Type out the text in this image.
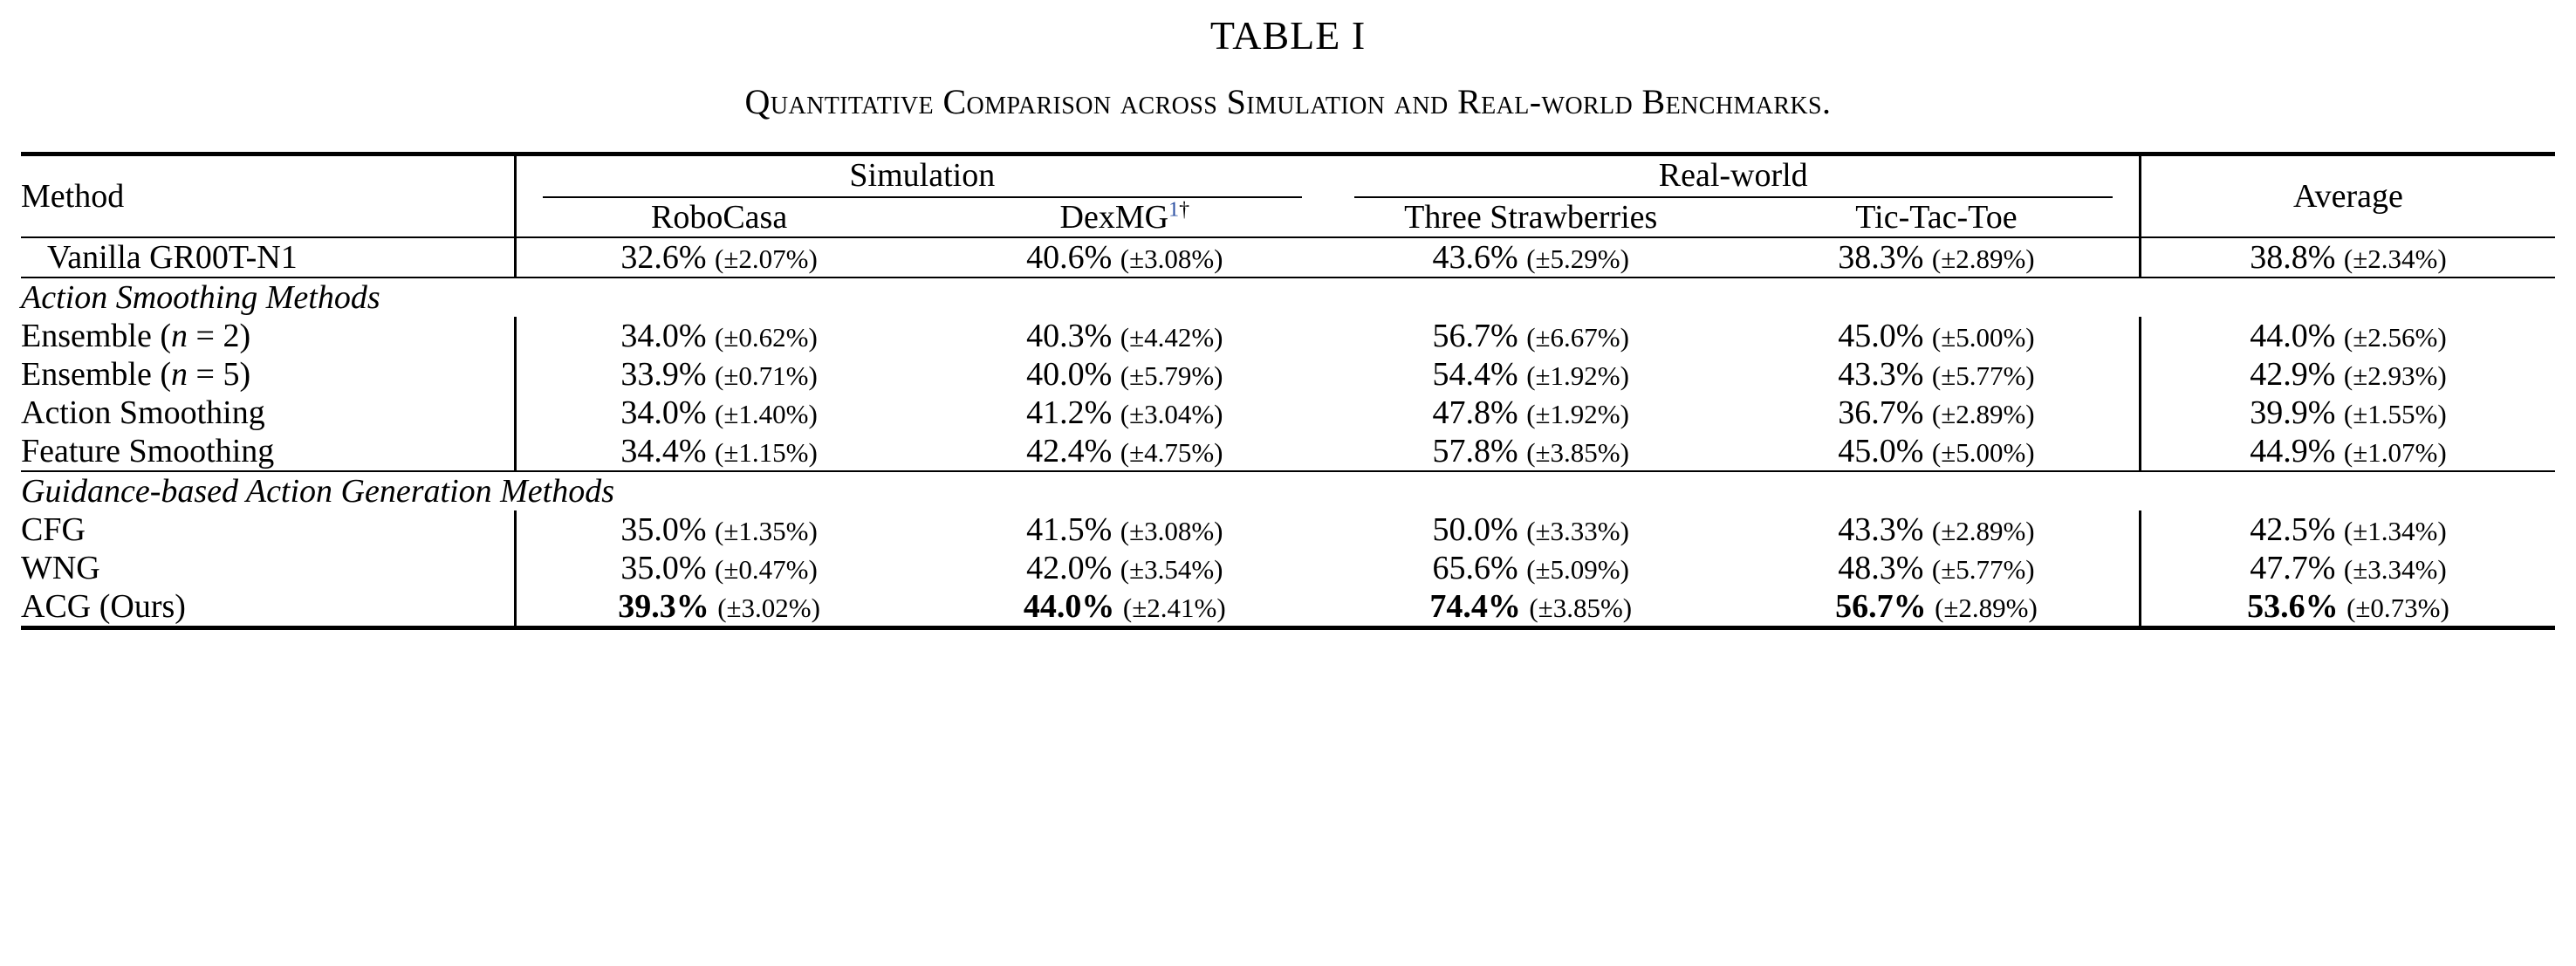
TABLE I
Quantitative Comparison across Simulation and Real-world Benchmarks.
Method	Simulation		Real-world		Average
	RoboCasa	DexMG$^{1\dagger}$	Three Strawberries	Tic-Tac-Toe	
Vanilla GR00T-N1	32.6% (±2.07%)	40.6% (±3.08%)	43.6% (±5.29%)	38.3% (±2.89%)	38.8% (±2.34%)
Action Smoothing Methods					
Ensemble (n = 2)	34.0% (±0.62%)	40.3% (±4.42%)	56.7% (±6.67%)	45.0% (±5.00%)	44.0% (±2.56%)
Ensemble (n = 5)	33.9% (±0.71%)	40.0% (±5.79%)	54.4% (±1.92%)	43.3% (±5.77%)	42.9% (±2.93%)
Action Smoothing	34.0% (±1.40%)	41.2% (±3.04%)	47.8% (±1.92%)	36.7% (±2.89%)	39.9% (±1.55%)
Feature Smoothing	34.4% (±1.15%)	42.4% (±4.75%)	57.8% (±3.85%)	45.0% (±5.00%)	44.9% (±1.07%)
Guidance-based Action Generation Methods					
CFG	35.0% (±1.35%)	41.5% (±3.08%)	50.0% (±3.33%)	43.3% (±2.89%)	42.5% (±1.34%)
WNG	35.0% (±0.47%)	42.0% (±3.54%)	65.6% (±5.09%)	48.3% (±5.77%)	47.7% (±3.34%)
ACG (Ours)	39.3% (±3.02%)	44.0% (±2.41%)	74.4% (±3.85%)	56.7% (±2.89%)	53.6% (±0.73%)
